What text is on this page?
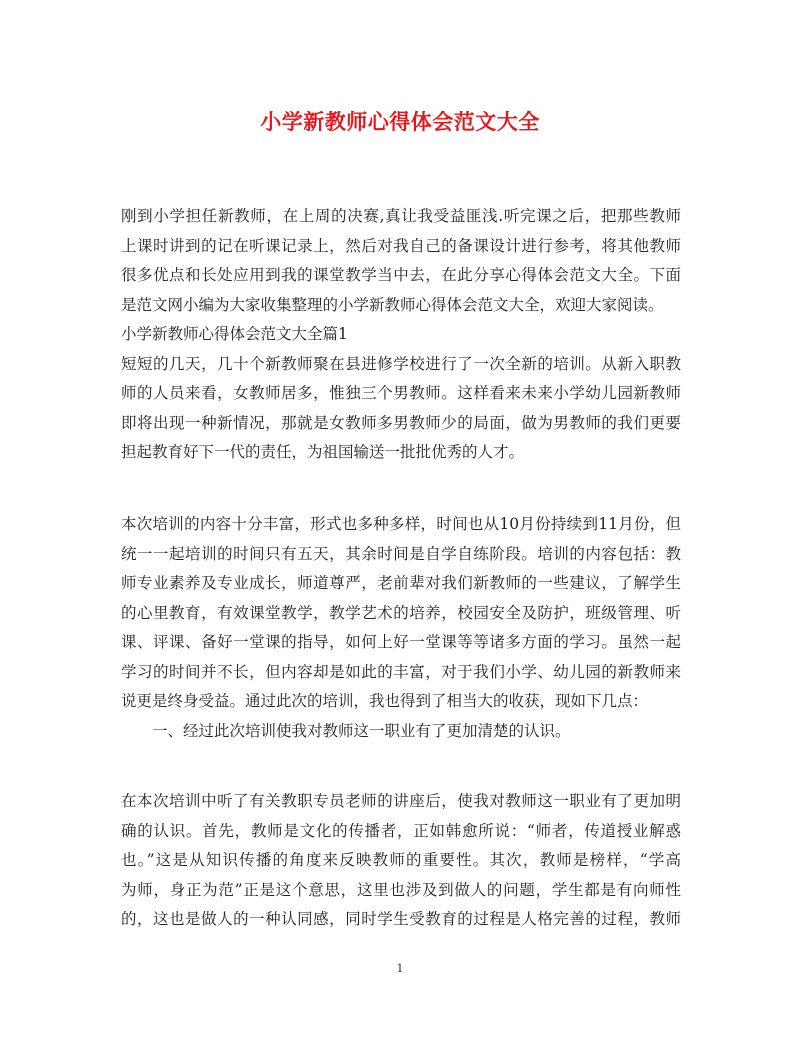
小学新教师心得体会范文大全
刚到小学担任新教师，在上周的决赛,真让我受益匪浅.听完课之后，把那些教师
上课时讲到的记在听课记录上，然后对我自己的备课设计进行参考，将其他教师
很多优点和长处应用到我的课堂教学当中去，在此分享心得体会范文大全。下面
是范文网小编为大家收集整理的小学新教师心得体会范文大全，欢迎大家阅读。
小学新教师心得体会范文大全篇1
短短的几天，几十个新教师聚在县进修学校进行了一次全新的培训。从新入职教
师的人员来看，女教师居多，惟独三个男教师。这样看来未来小学幼儿园新教师
即将出现一种新情况，那就是女教师多男教师少的局面，做为男教师的我们更要
担起教育好下一代的责任，为祖国输送一批批优秀的人才。
本次培训的内容十分丰富，形式也多种多样，时间也从10月份持续到11月份，但
统一一起培训的时间只有五天，其余时间是自学自练阶段。培训的内容包括：教
师专业素养及专业成长，师道尊严，老前辈对我们新教师的一些建议，了解学生
的心里教育，有效课堂教学，教学艺术的培养，校园安全及防护，班级管理、听
课、评课、备好一堂课的指导，如何上好一堂课等等诸多方面的学习。虽然一起
学习的时间并不长，但内容却是如此的丰富，对于我们小学、幼儿园的新教师来
说更是终身受益。通过此次的培训，我也得到了相当大的收获，现如下几点：
一、经过此次培训使我对教师这一职业有了更加清楚的认识。
在本次培训中听了有关教职专员老师的讲座后，使我对教师这一职业有了更加明
确的认识。首先，教师是文化的传播者，正如韩愈所说：“师者，传道授业解惑
也。”这是从知识传播的角度来反映教师的重要性。其次，教师是榜样，“学高
为师，身正为范”正是这个意思，这里也涉及到做人的问题，学生都是有向师性
的，这也是做人的一种认同感，同时学生受教育的过程是人格完善的过程，教师
1
